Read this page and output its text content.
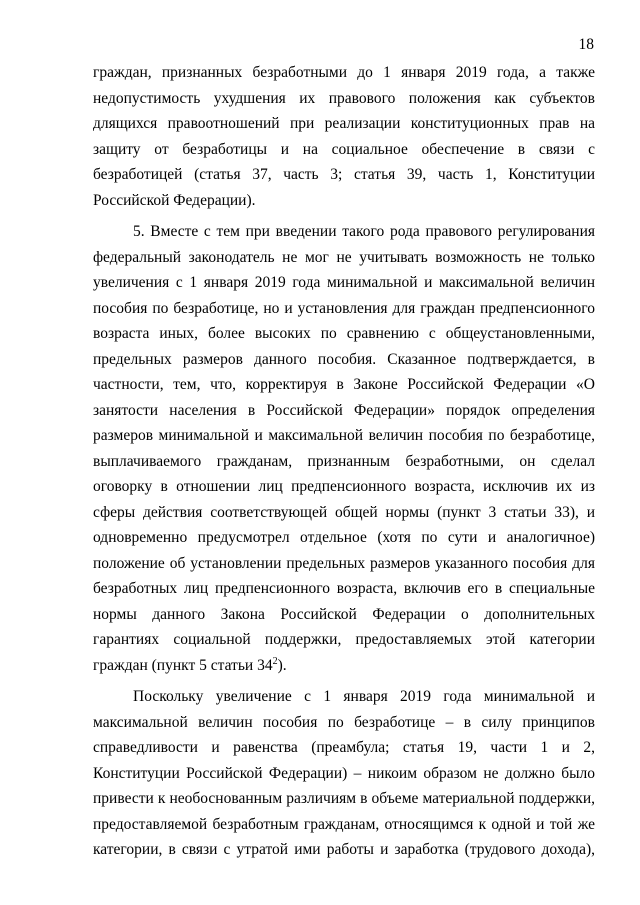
18
граждан, признанных безработными до 1 января 2019 года, а также
недопустимость ухудшения их правового положения как субъектов
длящихся правоотношений при реализации конституционных прав на
защиту от безработицы и на социальное обеспечение в связи с
безработицей (статья 37, часть 3; статья 39, часть 1, Конституции
Российской Федерации).
5. Вместе с тем при введении такого рода правового регулирования
федеральный законодатель не мог не учитывать возможность не только
увеличения с 1 января 2019 года минимальной и максимальной величин
пособия по безработице, но и установления для граждан предпенсионного
возраста иных, более высоких по сравнению с общеустановленными,
предельных размеров данного пособия. Сказанное подтверждается, в
частности, тем, что, корректируя в Законе Российской Федерации «О
занятости населения в Российской Федерации» порядок определения
размеров минимальной и максимальной величин пособия по безработице,
выплачиваемого гражданам, признанным безработными, он сделал
оговорку в отношении лиц предпенсионного возраста, исключив их из
сферы действия соответствующей общей нормы (пункт 3 статьи 33), и
одновременно предусмотрел отдельное (хотя по сути и аналогичное)
положение об установлении предельных размеров указанного пособия для
безработных лиц предпенсионного возраста, включив его в специальные
нормы данного Закона Российской Федерации о дополнительных
гарантиях социальной поддержки, предоставляемых этой категории
граждан (пункт 5 статьи $34^2$).
Поскольку увеличение с 1 января 2019 года минимальной и
максимальной величин пособия по безработице – в силу принципов
справедливости и равенства (преамбула; статья 19, части 1 и 2,
Конституции Российской Федерации) – никоим образом не должно было
привести к необоснованным различиям в объеме материальной поддержки,
предоставляемой безработным гражданам, относящимся к одной и той же
категории, в связи с утратой ими работы и заработка (трудового дохода),
